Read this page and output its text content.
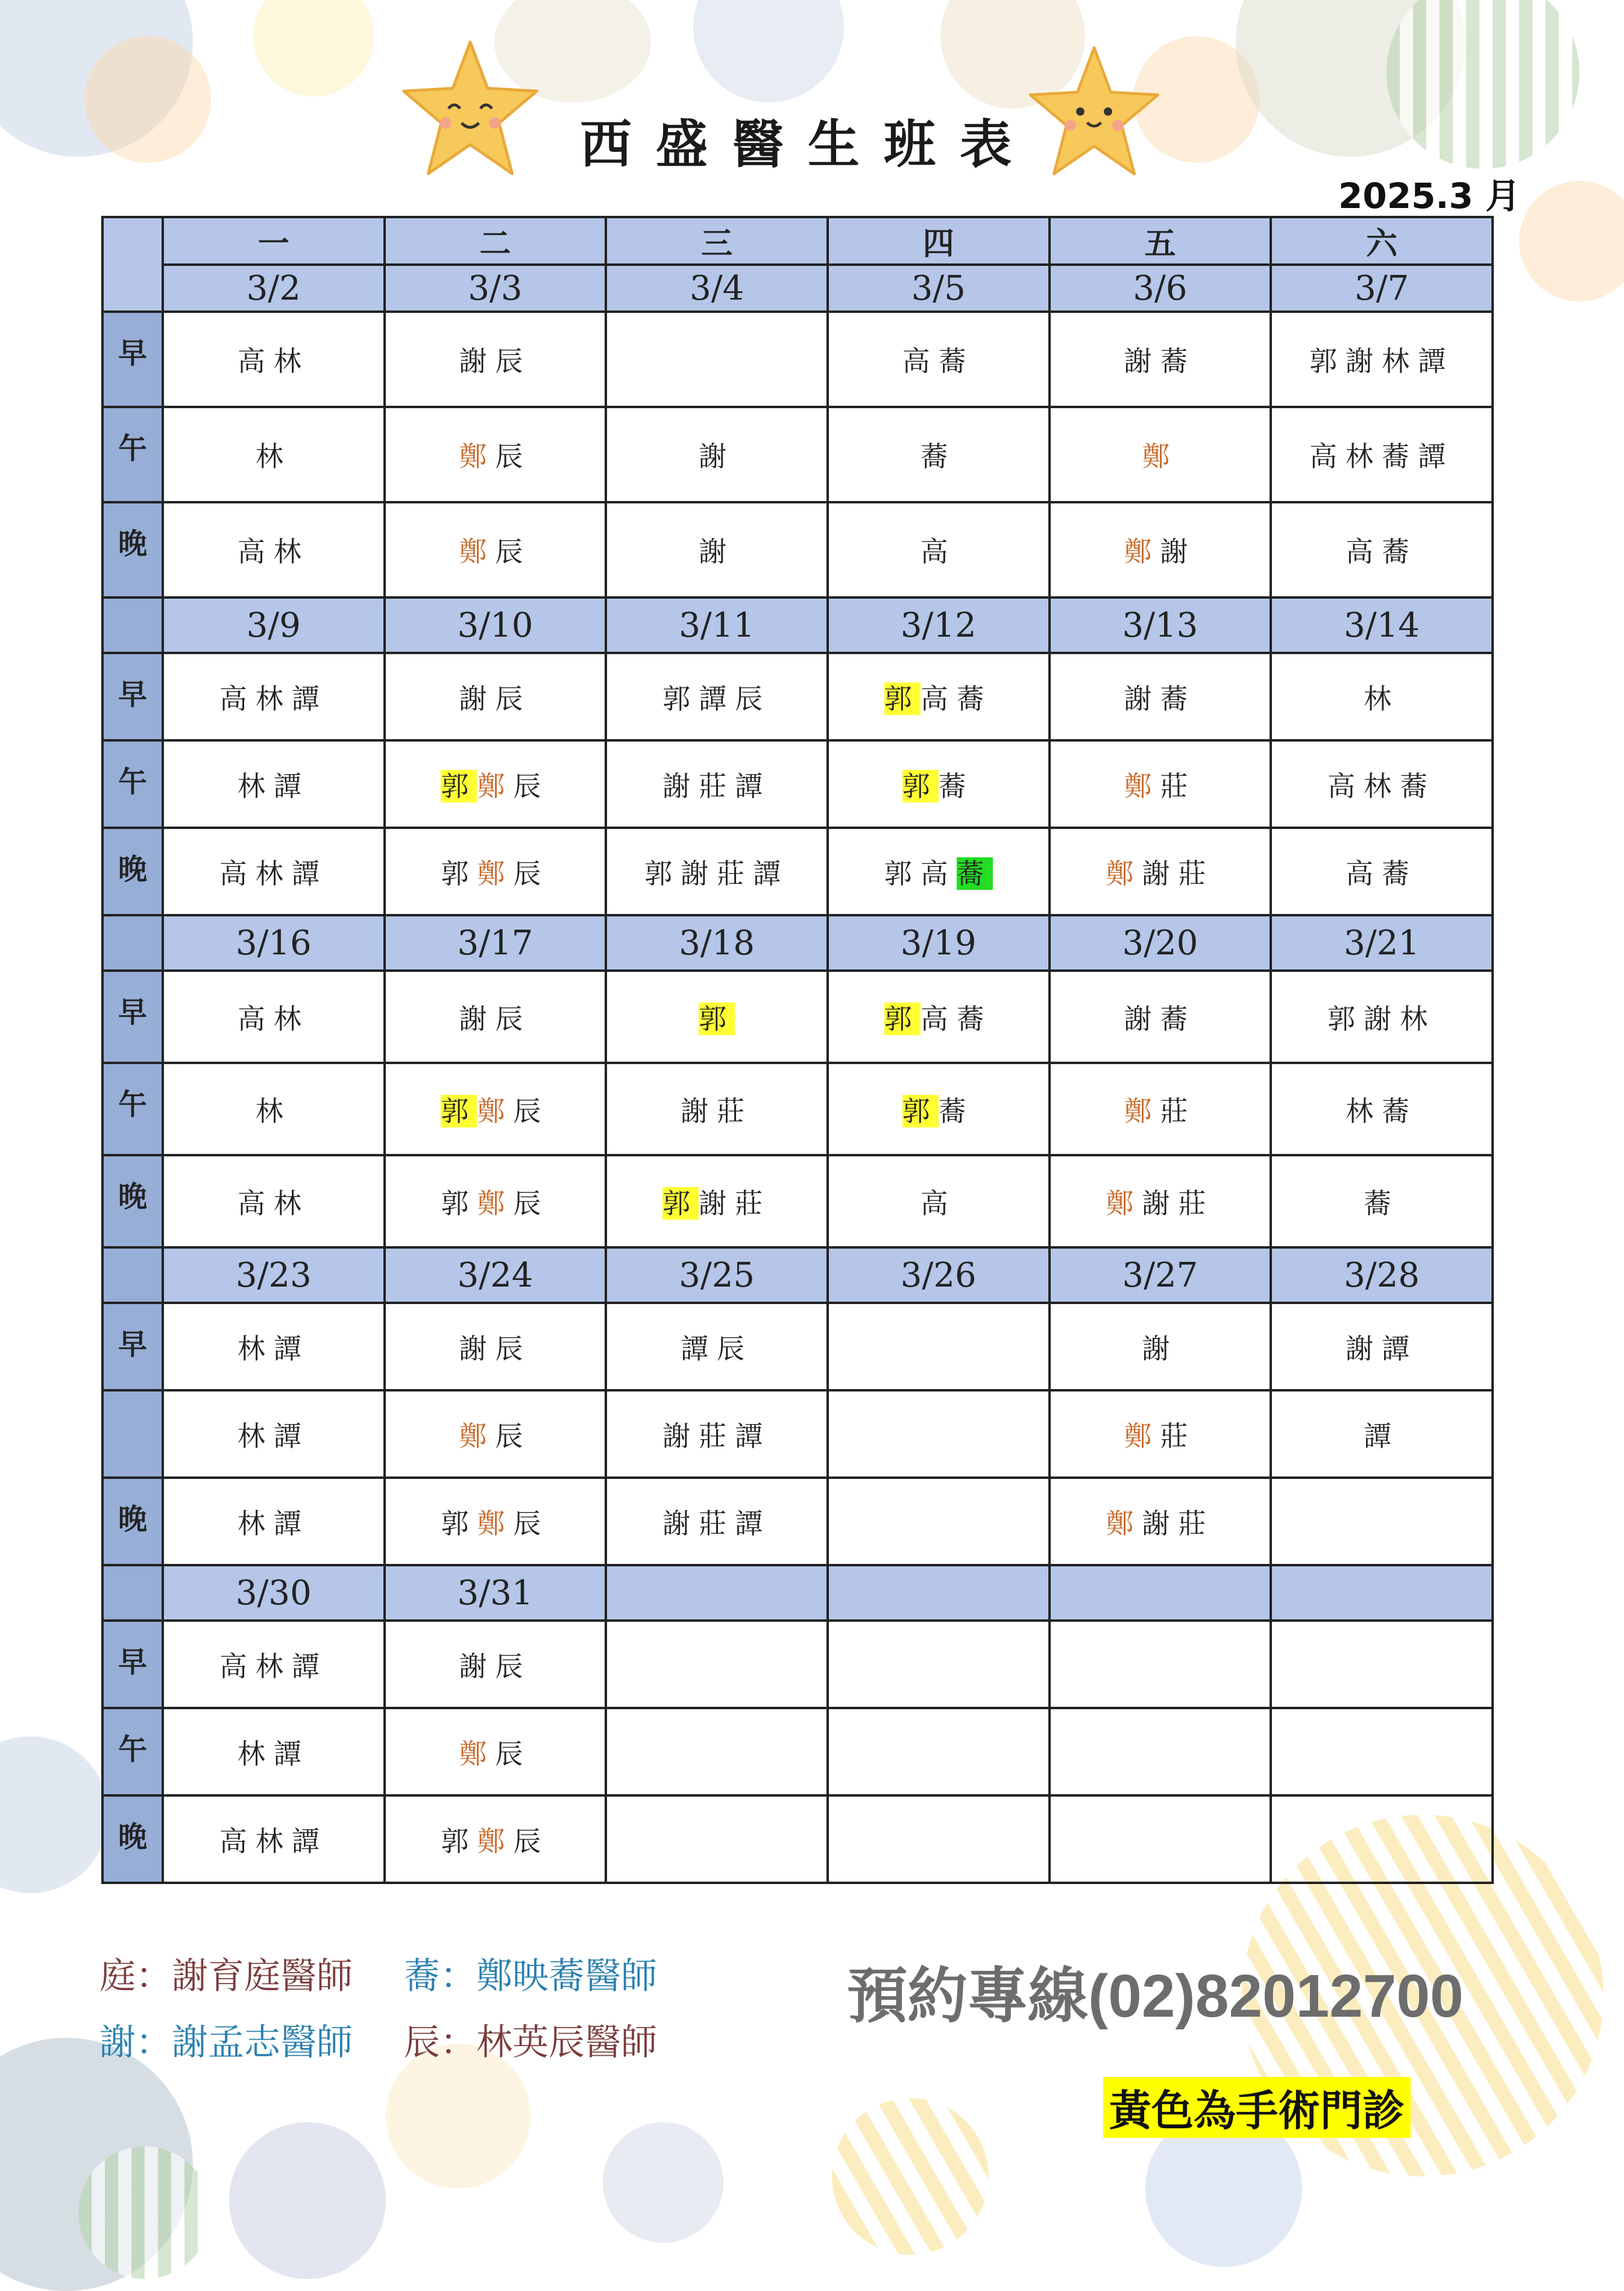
西盛醫生班表
2025.3 月
	一	二	三	四	五	六
	3/2	3/3	3/4	3/5	3/6	3/7
早	高林	謝辰		高蕎	謝蕎	郭謝林譚
午	林	鄭辰	謝	蕎	鄭	高林蕎譚
晚	高林	鄭辰	謝	高	鄭謝	高蕎
	3/9	3/10	3/11	3/12	3/13	3/14
早	高林譚	謝辰	郭譚辰	郭高蕎	謝蕎	林
午	林譚	郭鄭辰	謝莊譚	郭蕎	鄭莊	高林蕎
晚	高林譚	郭鄭辰	郭謝莊譚	郭高蕎	鄭謝莊	高蕎
	3/16	3/17	3/18	3/19	3/20	3/21
早	高林	謝辰	郭	郭高蕎	謝蕎	郭謝林
午	林	郭鄭辰	謝莊	郭蕎	鄭莊	林蕎
晚	高林	郭鄭辰	郭謝莊	高	鄭謝莊	蕎
	3/23	3/24	3/25	3/26	3/27	3/28
早	林譚	謝辰	譚辰		謝	謝譚
	林譚	鄭辰	謝莊譚		鄭莊	譚
晚	林譚	郭鄭辰	謝莊譚		鄭謝莊	
	3/30	3/31				
早	高林譚	謝辰				
午	林譚	鄭辰				
晚	高林譚	郭鄭辰				
庭：謝育庭醫師 蕎：鄭映蕎醫師
謝：謝孟志醫師 辰：林英辰醫師
預約專線(02)82012700
黃色為手術門診
